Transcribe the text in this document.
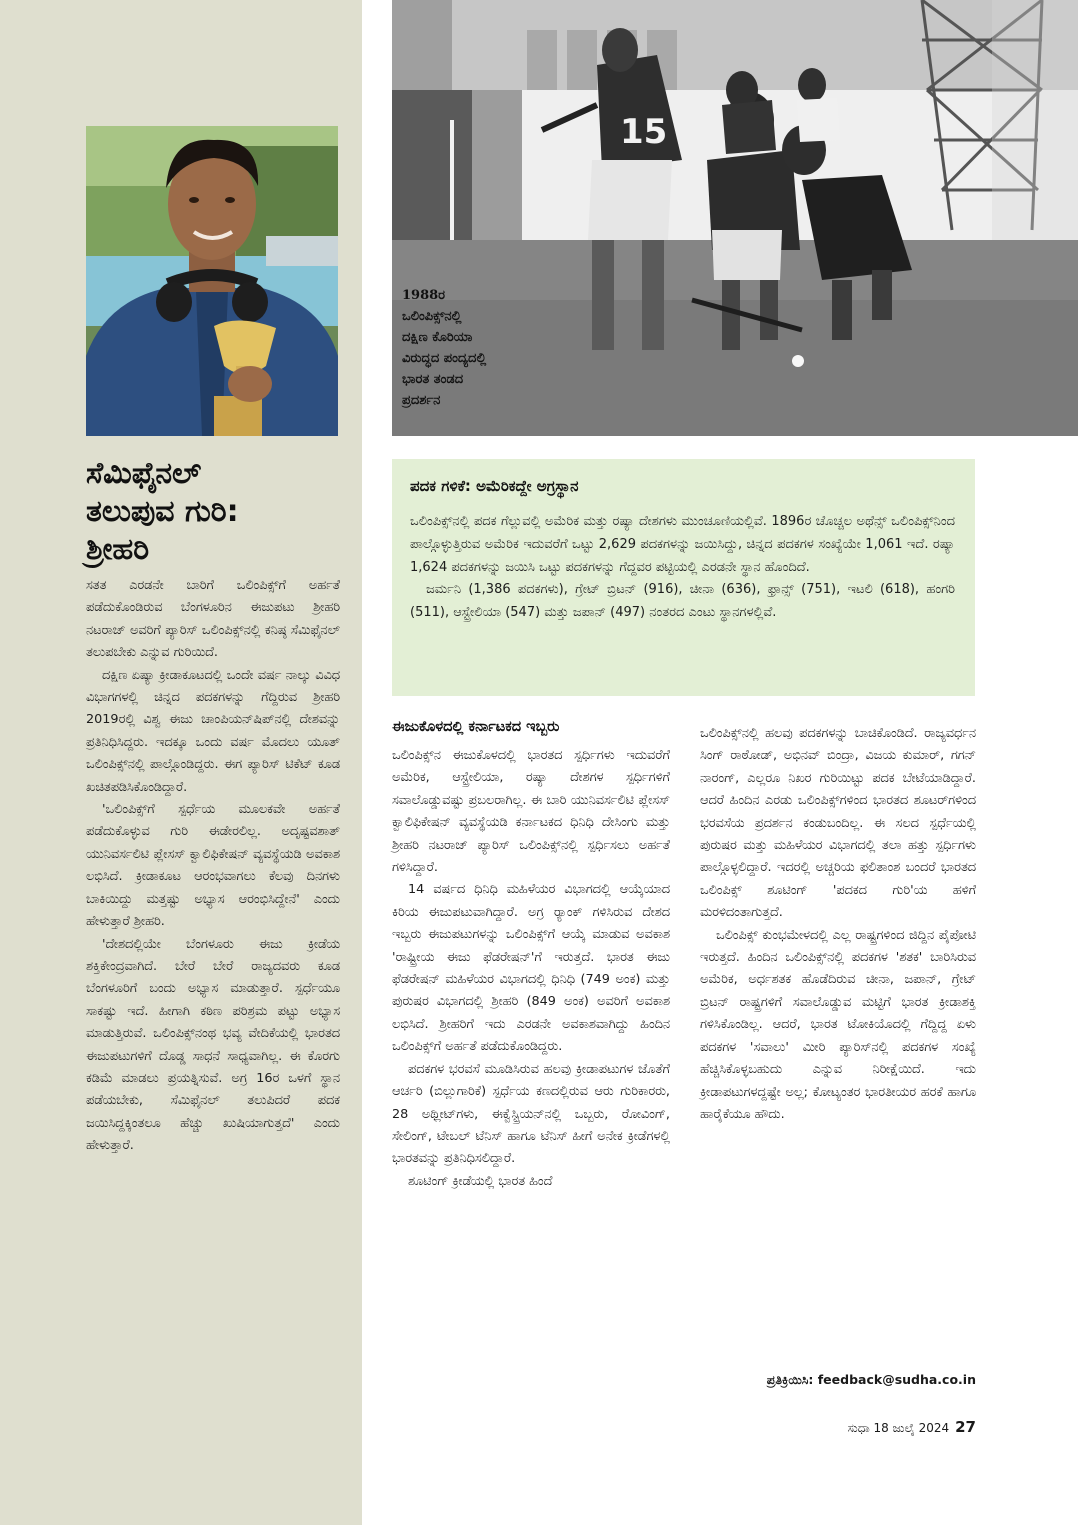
1988ರ
ಒಲಿಂಪಿಕ್ಸ್‌ನಲ್ಲಿ
ದಕ್ಷಿಣ ಕೊರಿಯಾ
ವಿರುದ್ಧದ ಪಂದ್ಯದಲ್ಲಿ
ಭಾರತ ತಂಡದ
ಪ್ರದರ್ಶನ
15
ಸೆಮಿಫೈನಲ್
ತಲುಪುವ ಗುರಿ:
ಶ್ರೀಹರಿ

ಸತತ ಎರಡನೇ ಬಾರಿಗೆ ಒಲಿಂಪಿಕ್ಸ್‌ಗೆ ಅರ್ಹತೆ ಪಡೆದುಕೊಂಡಿರುವ ಬೆಂಗಳೂರಿನ ಈಜುಪಟು ಶ್ರೀಹರಿ ನಟರಾಜ್ ಅವರಿಗೆ ಪ್ಯಾರಿಸ್ ಒಲಿಂಪಿಕ್ಸ್‌ನಲ್ಲಿ ಕನಿಷ್ಠ ಸೆಮಿಫೈನಲ್ ತಲುಪಬೇಕು ಎನ್ನುವ ಗುರಿಯಿದೆ.

ದಕ್ಷಿಣ ಏಷ್ಯಾ ಕ್ರೀಡಾಕೂಟದಲ್ಲಿ ಒಂದೇ ವರ್ಷ ನಾಲ್ಕು ವಿವಿಧ ವಿಭಾಗಗಳಲ್ಲಿ ಚಿನ್ನದ ಪದಕಗಳನ್ನು ಗೆದ್ದಿರುವ ಶ್ರೀಹರಿ 2019ರಲ್ಲಿ ವಿಶ್ವ ಈಜು ಚಾಂಪಿಯನ್‌ಷಿಪ್‌ನಲ್ಲಿ ದೇಶವನ್ನು ಪ್ರತಿನಿಧಿಸಿದ್ದರು. ಇದಕ್ಕೂ ಒಂದು ವರ್ಷ ಮೊದಲು ಯೂತ್ ಒಲಿಂಪಿಕ್ಸ್‌ನಲ್ಲಿ ಪಾಲ್ಗೊಂಡಿದ್ದರು. ಈಗ ಪ್ಯಾರಿಸ್ ಟಿಕೆಟ್ ಕೂಡ ಖಚಿತಪಡಿಸಿಕೊಂಡಿದ್ದಾರೆ.

'ಒಲಿಂಪಿಕ್ಸ್‌ಗೆ ಸ್ಪರ್ಧೆಯ ಮೂಲಕವೇ ಅರ್ಹತೆ ಪಡೆದುಕೊಳ್ಳುವ ಗುರಿ ಈಡೇರಲಿಲ್ಲ. ಅದೃಷ್ಟವಶಾತ್ ಯುನಿವರ್ಸಲಿಟಿ ಪ್ಲೇಸಸ್ ಕ್ವಾಲಿಫಿಕೇಷನ್ ವ್ಯವಸ್ಥೆಯಡಿ ಅವಕಾಶ ಲಭಿಸಿದೆ. ಕ್ರೀಡಾಕೂಟ ಆರಂಭವಾಗಲು ಕೆಲವು ದಿನಗಳು ಬಾಕಿಯಿದ್ದು ಮತ್ತಷ್ಟು ಅಭ್ಯಾಸ ಆರಂಭಿಸಿದ್ದೇನೆ' ಎಂದು ಹೇಳುತ್ತಾರೆ ಶ್ರೀಹರಿ.

'ದೇಶದಲ್ಲಿಯೇ ಬೆಂಗಳೂರು ಈಜು ಕ್ರೀಡೆಯ ಶಕ್ತಿಕೇಂದ್ರವಾಗಿದೆ. ಬೇರೆ ಬೇರೆ ರಾಜ್ಯದವರು ಕೂಡ ಬೆಂಗಳೂರಿಗೆ ಬಂದು ಅಭ್ಯಾಸ ಮಾಡುತ್ತಾರೆ. ಸ್ಪರ್ಧೆಯೂ ಸಾಕಷ್ಟು ಇದೆ. ಹೀಗಾಗಿ ಕಠಿಣ ಪರಿಶ್ರಮ ಪಟ್ಟು ಅಭ್ಯಾಸ ಮಾಡುತ್ತಿರುವೆ. ಒಲಿಂಪಿಕ್ಸ್‌ನಂಥ ಭವ್ಯ ವೇದಿಕೆಯಲ್ಲಿ ಭಾರತದ ಈಜುಪಟುಗಳಿಗೆ ದೊಡ್ಡ ಸಾಧನೆ ಸಾಧ್ಯವಾಗಿಲ್ಲ. ಈ ಕೊರಗು ಕಡಿಮೆ ಮಾಡಲು ಪ್ರಯತ್ನಿಸುವೆ. ಅಗ್ರ 16ರ ಒಳಗೆ ಸ್ಥಾನ ಪಡೆಯಬೇಕು, ಸೆಮಿಫೈನಲ್ ತಲುಪಿದರೆ ಪದಕ ಜಯಿಸಿದ್ದಕ್ಕಿಂತಲೂ ಹೆಚ್ಚು ಖುಷಿಯಾಗುತ್ತದೆ' ಎಂದು ಹೇಳುತ್ತಾರೆ.

ಪದಕ ಗಳಿಕೆ: ಅಮೆರಿಕದ್ದೇ ಅಗ್ರಸ್ಥಾನ

ಒಲಿಂಪಿಕ್ಸ್‌ನಲ್ಲಿ ಪದಕ ಗೆಲ್ಲುವಲ್ಲಿ ಅಮೆರಿಕ ಮತ್ತು ರಷ್ಯಾ ದೇಶಗಳು ಮುಂಚೂಣಿಯಲ್ಲಿವೆ. 1896ರ ಚೊಚ್ಚಲ ಅಥೆನ್ಸ್ ಒಲಿಂಪಿಕ್ಸ್‌ನಿಂದ ಪಾಲ್ಗೊಳ್ಳುತ್ತಿರುವ ಅಮೆರಿಕ ಇದುವರೆಗೆ ಒಟ್ಟು 2,629 ಪದಕಗಳನ್ನು ಜಯಿಸಿದ್ದು, ಚಿನ್ನದ ಪದಕಗಳ ಸಂಖ್ಯೆಯೇ 1,061 ಇದೆ. ರಷ್ಯಾ 1,624 ಪದಕಗಳನ್ನು ಜಯಿಸಿ ಒಟ್ಟು ಪದಕಗಳನ್ನು ಗೆದ್ದವರ ಪಟ್ಟಿಯಲ್ಲಿ ಎರಡನೇ ಸ್ಥಾನ ಹೊಂದಿದೆ.

ಜರ್ಮನಿ (1,386 ಪದಕಗಳು), ಗ್ರೇಟ್ ಬ್ರಿಟನ್ (916), ಚೀನಾ (636), ಫ್ರಾನ್ಸ್ (751), ಇಟಲಿ (618), ಹಂಗರಿ (511), ಆಸ್ಟ್ರೇಲಿಯಾ (547) ಮತ್ತು ಜಪಾನ್ (497) ನಂತರದ ಎಂಟು ಸ್ಥಾನಗಳಲ್ಲಿವೆ.

ಈಜುಕೊಳದಲ್ಲಿ ಕರ್ನಾಟಕದ ಇಬ್ಬರು

ಒಲಿಂಪಿಕ್ಸ್‌ನ ಈಜುಕೊಳದಲ್ಲಿ ಭಾರತದ ಸ್ಪರ್ಧಿಗಳು ಇದುವರೆಗೆ ಅಮೆರಿಕ, ಆಸ್ಟ್ರೇಲಿಯಾ, ರಷ್ಯಾ ದೇಶಗಳ ಸ್ಪರ್ಧಿಗಳಿಗೆ ಸವಾಲೊಡ್ಡುವಷ್ಟು ಪ್ರಬಲರಾಗಿಲ್ಲ. ಈ ಬಾರಿ ಯುನಿವರ್ಸಲಿಟಿ ಪ್ಲೇಸಸ್ ಕ್ವಾಲಿಫಿಕೇಷನ್ ವ್ಯವಸ್ಥೆಯಡಿ ಕರ್ನಾಟಕದ ಧಿನಿಧಿ ದೇಸಿಂಗು ಮತ್ತು ಶ್ರೀಹರಿ ನಟರಾಜ್ ಪ್ಯಾರಿಸ್ ಒಲಿಂಪಿಕ್ಸ್‌ನಲ್ಲಿ ಸ್ಪರ್ಧಿಸಲು ಅರ್ಹತೆ ಗಳಿಸಿದ್ದಾರೆ.

14 ವರ್ಷದ ಧಿನಿಧಿ ಮಹಿಳೆಯರ ವಿಭಾಗದಲ್ಲಿ ಆಯ್ಕೆಯಾದ ಕಿರಿಯ ಈಜುಪಟುವಾಗಿದ್ದಾರೆ. ಅಗ್ರ ರ‍್ಯಾಂಕ್ ಗಳಿಸಿರುವ ದೇಶದ ಇಬ್ಬರು ಈಜುಪಟುಗಳನ್ನು ಒಲಿಂಪಿಕ್ಸ್‌ಗೆ ಆಯ್ಕೆ ಮಾಡುವ ಅವಕಾಶ 'ರಾಷ್ಟ್ರೀಯ ಈಜು ಫೆಡರೇಷನ್'ಗೆ ಇರುತ್ತದೆ. ಭಾರತ ಈಜು ಫೆಡರೇಷನ್ ಮಹಿಳೆಯರ ವಿಭಾಗದಲ್ಲಿ ಧಿನಿಧಿ (749 ಅಂಕ) ಮತ್ತು ಪುರುಷರ ವಿಭಾಗದಲ್ಲಿ ಶ್ರೀಹರಿ (849 ಅಂಕ) ಅವರಿಗೆ ಅವಕಾಶ ಲಭಿಸಿದೆ. ಶ್ರೀಹರಿಗೆ ಇದು ಎರಡನೇ ಅವಕಾಶವಾಗಿದ್ದು ಹಿಂದಿನ ಒಲಿಂಪಿಕ್ಸ್‌ಗೆ ಅರ್ಹತೆ ಪಡೆದುಕೊಂಡಿದ್ದರು.

ಪದಕಗಳ ಭರವಸೆ ಮೂಡಿಸಿರುವ ಹಲವು ಕ್ರೀಡಾಪಟುಗಳ ಜೊತೆಗೆ ಆರ್ಚರಿ (ಬಿಲ್ಲುಗಾರಿಕೆ) ಸ್ಪರ್ಧೆಯ ಕಣದಲ್ಲಿರುವ ಆರು ಗುರಿಕಾರರು, 28 ಅಥ್ಲೀಟ್‌ಗಳು, ಈಕ್ವೆಸ್ಟ್ರಿಯನ್‌ನಲ್ಲಿ ಒಬ್ಬರು, ರೋವಿಂಗ್, ಸೇಲಿಂಗ್, ಟೇಬಲ್ ಟೆನಿಸ್ ಹಾಗೂ ಟೆನಿಸ್ ಹೀಗೆ ಅನೇಕ ಕ್ರೀಡೆಗಳಲ್ಲಿ ಭಾರತವನ್ನು ಪ್ರತಿನಿಧಿಸಲಿದ್ದಾರೆ.

ಶೂಟಿಂಗ್ ಕ್ರೀಡೆಯಲ್ಲಿ ಭಾರತ ಹಿಂದೆ

ಒಲಿಂಪಿಕ್ಸ್‌ನಲ್ಲಿ ಹಲವು ಪದಕಗಳನ್ನು ಬಾಚಿಕೊಂಡಿದೆ. ರಾಜ್ಯವರ್ಧನ ಸಿಂಗ್ ರಾಠೋಡ್, ಅಭಿನವ್ ಬಿಂದ್ರಾ, ವಿಜಯ ಕುಮಾರ್, ಗಗನ್ ನಾರಂಗ್, ಎಲ್ಲರೂ ನಿಖರ ಗುರಿಯಿಟ್ಟು ಪದಕ ಬೇಟೆಯಾಡಿದ್ದಾರೆ. ಆದರೆ ಹಿಂದಿನ ಎರಡು ಒಲಿಂಪಿಕ್ಸ್‌ಗಳಿಂದ ಭಾರತದ ಶೂಟರ್‌ಗಳಿಂದ ಭರವಸೆಯ ಪ್ರದರ್ಶನ ಕಂಡುಬಂದಿಲ್ಲ. ಈ ಸಲದ ಸ್ಪರ್ಧೆಯಲ್ಲಿ ಪುರುಷರ ಮತ್ತು ಮಹಿಳೆಯರ ವಿಭಾಗದಲ್ಲಿ ತಲಾ ಹತ್ತು ಸ್ಪರ್ಧಿಗಳು ಪಾಲ್ಗೊಳ್ಳಲಿದ್ದಾರೆ. ಇದರಲ್ಲಿ ಅಚ್ಚರಿಯ ಫಲಿತಾಂಶ ಬಂದರೆ ಭಾರತದ ಒಲಿಂಪಿಕ್ಸ್ ಶೂಟಿಂಗ್ 'ಪದಕದ ಗುರಿ'ಯ ಹಳಿಗೆ ಮರಳಿದಂತಾಗುತ್ತದೆ.

ಒಲಿಂಪಿಕ್ಸ್ ಕುಂಭಮೇಳದಲ್ಲಿ ಎಲ್ಲ ರಾಷ್ಟ್ರಗಳಿಂದ ಜಿದ್ದಿನ ಪೈಪೋಟಿ ಇರುತ್ತದೆ. ಹಿಂದಿನ ಒಲಿಂಪಿಕ್ಸ್‌ನಲ್ಲಿ ಪದಕಗಳ 'ಶತಕ' ಬಾರಿಸಿರುವ ಅಮೆರಿಕ, ಅರ್ಧಶತಕ ಹೊಡೆದಿರುವ ಚೀನಾ, ಜಪಾನ್, ಗ್ರೇಟ್ ಬ್ರಿಟನ್ ರಾಷ್ಟ್ರಗಳಿಗೆ ಸವಾಲೊಡ್ಡುವ ಮಟ್ಟಿಗೆ ಭಾರತ ಕ್ರೀಡಾಶಕ್ತಿ ಗಳಿಸಿಕೊಂಡಿಲ್ಲ. ಆದರೆ, ಭಾರತ ಟೋಕಿಯೊದಲ್ಲಿ ಗೆದ್ದಿದ್ದ ಏಳು ಪದಕಗಳ 'ಸವಾಲು' ಮೀರಿ ಪ್ಯಾರಿಸ್‌ನಲ್ಲಿ ಪದಕಗಳ ಸಂಖ್ಯೆ ಹೆಚ್ಚಿಸಿಕೊಳ್ಳಬಹುದು ಎನ್ನುವ ನಿರೀಕ್ಷೆಯಿದೆ. ಇದು ಕ್ರೀಡಾಪಟುಗಳದ್ದಷ್ಟೇ ಅಲ್ಲ; ಕೋಟ್ಯಂತರ ಭಾರತೀಯರ ಹರಕೆ ಹಾಗೂ ಹಾರೈಕೆಯೂ ಹೌದು.

ಪ್ರತಿಕ್ರಿಯಿಸಿ: feedback@sudha.co.in
ಸುಧಾ 18 ಜುಲೈ 2024 27
